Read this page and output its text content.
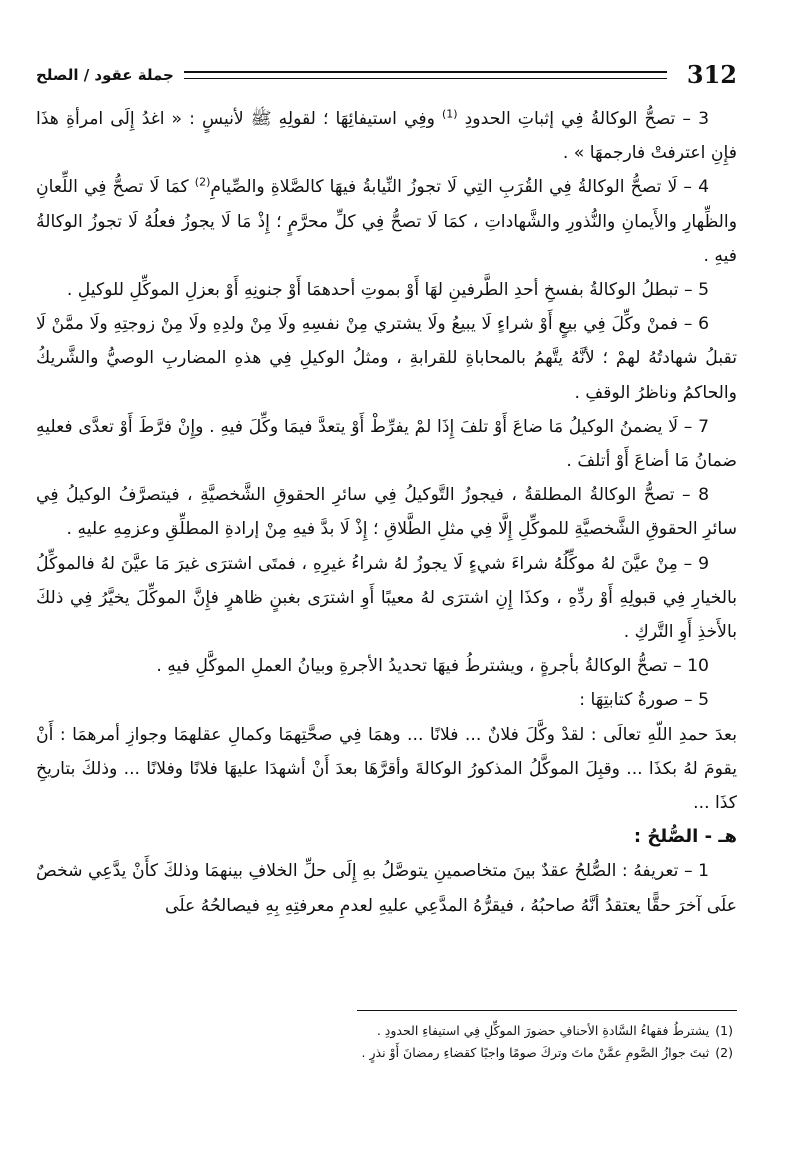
312
جملة عقود / الصلح

3 – تصحُّ الوكالةُ فِي إثباتِ الحدودِ $^{(1)}$ وفِي استيفائِهَا ؛ لقولِهِ ﷺ لأنيسٍ : « اغدُ إِلَى امرأةِ هذَا فإِنِ اعترفتْ فارجمهَا » .

4 – لَا تصحُّ الوكالةُ فِي القُرَبِ التِي لَا تجوزُ النِّيابةُ فيهَا كالصَّلاةِ والصِّيامِ$^{(2)}$ كمَا لَا تصحُّ فِي اللِّعانِ والظِّهارِ والأَيمانِ والنُّذورِ والشَّهاداتِ ، كمَا لَا تصحُّ فِي كلِّ محرَّمٍ ؛ إِذْ مَا لَا يجوزُ فعلُهُ لَا تجوزُ الوكالةُ فيهِ .

5 – تبطلُ الوكالةُ بفسخِ أحدِ الطَّرفينِ لهَا أَوْ بموتِ أحدهمَا أَوْ جنونِهِ أَوْ بعزلِ الموكِّلِ للوكيلِ .

6 – فمنْ وكِّلَ فِي بيعٍ أَوْ شراءٍ لَا يبيعُ ولَا يشتري مِنْ نفسِهِ ولَا مِنْ ولدِهِ ولَا مِنْ زوجتِهِ ولَا ممَّنْ لَا تقبلُ شهادتُهُ لهمْ ؛ لأنَّهُ يتَّهمُ بالمحاباةِ للقرابةِ ، ومثلُ الوكيلِ فِي هذهِ المضاربِ الوصيُّ والشَّريكُ والحاكمُ وناظرُ الوقفِ .

7 – لَا يضمنُ الوكيلُ مَا ضاعَ أَوْ تلفَ إِذَا لمْ يفرِّطْ أَوْ يتعدَّ فيمَا وكِّلَ فيهِ . وإِنْ فرَّطَ أَوْ تعدَّى فعليهِ ضمانُ مَا أضاعَ أَوْ أتلفَ .

8 – تصحُّ الوكالةُ المطلقةُ ، فيجوزُ التَّوكيلُ فِي سائرِ الحقوقِ الشَّخصيَّةِ ، فيتصرَّفُ الوكيلُ فِي سائرِ الحقوقِ الشَّخصيَّةِ للموكِّلِ إِلَّا فِي مثلِ الطَّلاقِ ؛ إِذْ لَا بدَّ فيهِ مِنْ إرادةِ المطلِّقِ وعزمِهِ عليهِ .

9 – مِنْ عيَّنَ لهُ موكِّلُهُ شراءَ شيءٍ لَا يجوزُ لهُ شراءُ غيرِهِ ، فمتَى اشترَى غيرَ مَا عيَّنَ لهُ فالموكِّلُ بالخيارِ فِي قبولِهِ أَوْ ردِّهِ ، وكذَا إِنِ اشترَى لهُ معيبًا أَوِ اشترَى بغبنٍ ظاهرٍ فإِنَّ الموكِّلَ يخيَّرُ فِي ذلكَ بالأَخذِ أَوِ التَّركِ .

10 – تصحُّ الوكالةُ بأجرةٍ ، ويشترطُ فيهَا تحديدُ الأجرةِ وبيانُ العملِ الموكَّلِ فيهِ .

5 – صورةُ كتابتِهَا :

بعدَ حمدِ اللّهِ تعالَى : لقدْ وكَّلَ فلانٌ ... فلانًا ... وهمَا فِي صحَّتِهمَا وكمالِ عقلهمَا وجوازِ أمرهمَا : أَنْ يقومَ لهُ بكذَا ... وقبِلَ الموكَّلُ المذكورُ الوكالةَ وأقرَّهَا بعدَ أَنْ أشهدَا عليهَا فلانًا وفلانًا ... وذلكَ بتاريخِ كذَا ...

هـ - الصُّلحُ :

1 – تعريفهُ : الصُّلحُ عقدٌ بينَ متخاصمينِ يتوصَّلُ بهِ إِلَى حلِّ الخلافِ بينهمَا وذلكَ كأَنْ يدَّعِي شخصٌ علَى آخرَ حقًّا يعتقدُ أنَّهُ صاحبُهُ ، فيقرُّهُ المدَّعِي عليهِ لعدمِ معرفتِهِ بِهِ فيصالحُهُ علَى

(1)يشترطُ فقهاءُ السَّادةِ الأحنافِ حضورَ الموكِّلِ فِي استيفاءِ الحدودِ .

(2)ثبتَ جوازُ الصَّومِ عمَّنْ ماتَ وتركَ صومًا واجبًا كقضاءِ رمضانَ أَوْ نذرٍ .
